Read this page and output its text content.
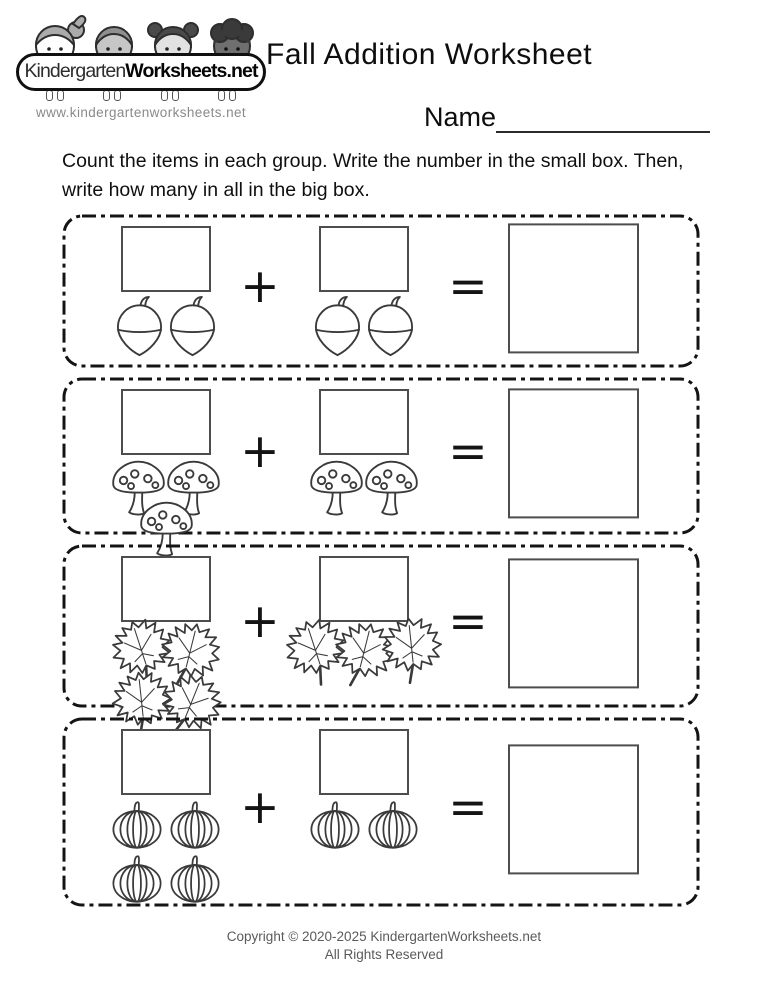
KindergartenWorksheets.net
www.kindergartenworksheets.net
Fall Addition Worksheet
Name
Count the items in each group. Write the number in the small box. Then, write how many in all in the big box.
+	=
+	=
+	=
+	=
Copyright © 2020-2025 KindergartenWorksheets.net
All Rights Reserved
